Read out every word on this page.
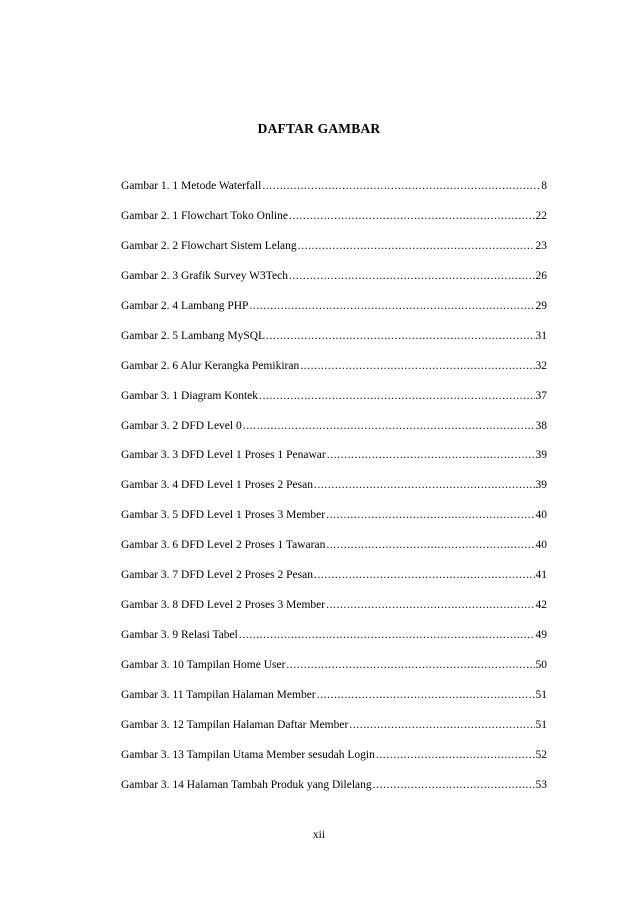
DAFTAR GAMBAR
Gambar 1. 1 Metode Waterfall .....	8
Gambar 2. 1 Flowchart Toko Online .....	22
Gambar 2. 2 Flowchart Sistem Lelang .....	23
Gambar 2. 3 Grafik Survey W3Tech .....	26
Gambar 2. 4 Lambang PHP .....	29
Gambar 2. 5 Lambang MySQL .....	31
Gambar 2. 6 Alur Kerangka Pemikiran .....	32
Gambar 3. 1 Diagram Kontek .....	37
Gambar 3. 2 DFD Level 0 .....	38
Gambar 3. 3 DFD Level 1 Proses 1 Penawar .....	39
Gambar 3. 4 DFD Level 1 Proses 2 Pesan .....	39
Gambar 3. 5 DFD Level 1 Proses 3 Member .....	40
Gambar 3. 6 DFD Level 2 Proses 1 Tawaran .....	40
Gambar 3. 7 DFD Level 2 Proses 2 Pesan .....	41
Gambar 3. 8 DFD Level 2 Proses 3 Member .....	42
Gambar 3. 9 Relasi Tabel .....	49
Gambar 3. 10 Tampilan Home User .....	50
Gambar 3. 11 Tampilan Halaman Member .....	51
Gambar 3. 12 Tampilan Halaman Daftar Member .....	51
Gambar 3. 13 Tampilan Utama Member sesudah Login .....	52
Gambar 3. 14 Halaman Tambah Produk yang Dilelang .....	53
xii
